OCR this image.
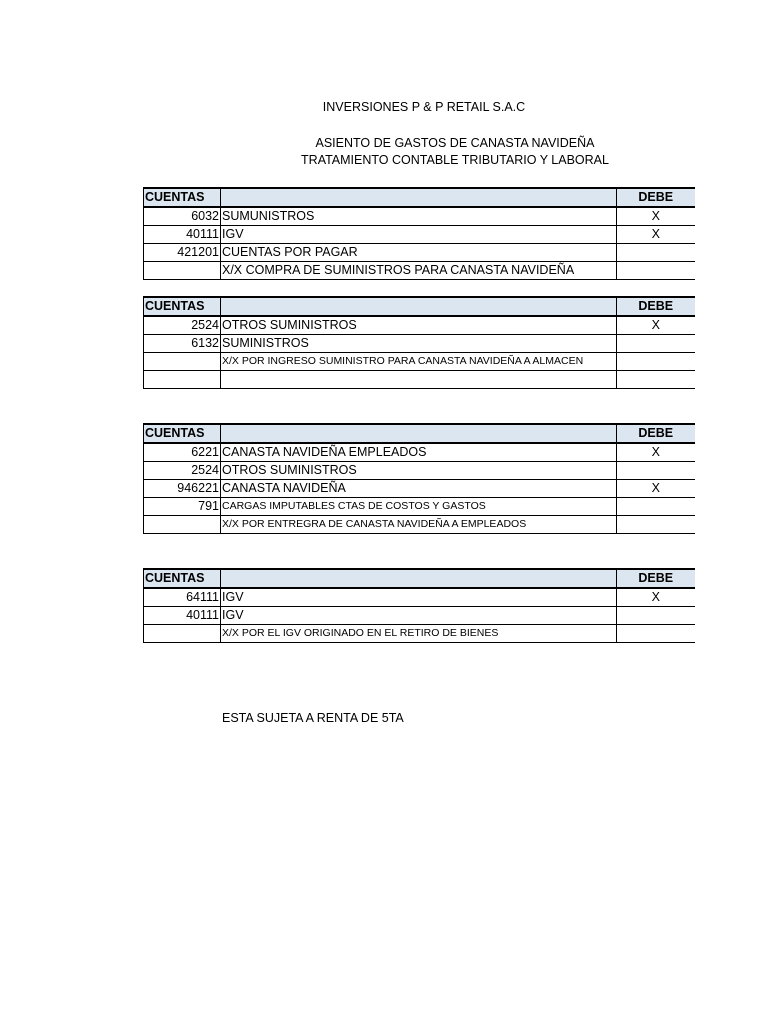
INVERSIONES P & P RETAIL S.A.C
ASIENTO DE GASTOS DE CANASTA NAVIDEÑA
TRATAMIENTO CONTABLE TRIBUTARIO Y LABORAL
CUENTAS		DEBE
6032	SUMUNISTROS	X
40111	IGV	X
421201	CUENTAS POR PAGAR	
	X/X COMPRA DE SUMINISTROS PARA CANASTA NAVIDEÑA	
CUENTAS		DEBE
2524	OTROS SUMINISTROS	X
6132	SUMINISTROS	
	X/X POR INGRESO SUMINISTRO PARA CANASTA NAVIDEÑA A ALMACEN	

CUENTAS		DEBE
6221	CANASTA NAVIDEÑA EMPLEADOS	X
2524	OTROS SUMINISTROS	
946221	CANASTA NAVIDEÑA	X
791	CARGAS IMPUTABLES CTAS DE COSTOS Y GASTOS	
	X/X POR ENTREGRA DE CANASTA NAVIDEÑA A EMPLEADOS	
CUENTAS		DEBE
64111	IGV	X
40111	IGV	
	X/X POR EL IGV ORIGINADO EN EL RETIRO DE BIENES	
ESTA SUJETA A RENTA DE 5TA
